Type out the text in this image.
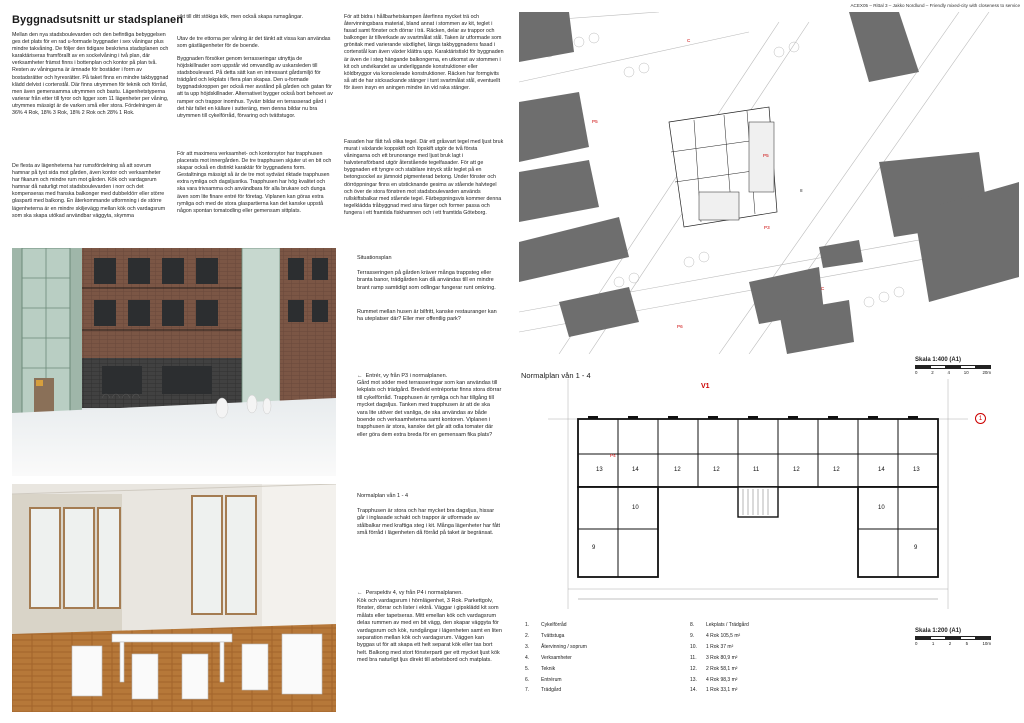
ACEX05 – Rittal 3 – Jakko Nordlund – Friendly mixed-city with closeness to service
Byggnadsutsnitt ur stadsplanen
Mellan den nya stadsboulevarden och den befintliga bebyggelsen ges det plats för en rad u-formade byggnader i sex våningar plus mindre takvåning. De följer den tidigare beskrivna stadsplanen och karaktäriseras framförallt av en sockelvåning i två plan, där verksamheter främst finns i bottenplan och kontor på plan två. Resten av våningarna är ämnade för bostäder i form av bostadsrätter och hyresrätter. På taket finns en mindre takbyggnad klädd delvist i cortenstål. Där finns utrymmen för teknik och förråd, men även gemensamma utrymmen och bastu. Lägenhetstyperna varierar från etter till fyror och ligger som 11 lägenheter per våning, utrymmes mässigt är de varken små eller stora. Fördelningen är 36% 4 Rok, 18% 3 Rok, 18% 2 Rok och 28% 1 Rok.
De flesta av lägenheterna har rumsfördelning så att sovrum hamnar på tyst sida mot gården, även kontor och verksamheter har fikarum och mindre rum mot gården. Kök och vardagsrum hamnar då naturligt mot stadsboulevarden i norr och det kompenseras med franska balkonger med dubbeldörr eller större glasparti med balkong. En återkommande utformning i de större lägenheterna är en mindre skiljevägg mellan kök och vardagsrum som ska skapa utökad användbar väggyta, skymma
sikt till ditt stökiga kök, men också skapa rumsgångar.
Utav de tre ettorna per våning är det tänkt att vissa kan användas som gästlägenheter för de boende.
Byggnaden försöker genom terrasseringar utnyttja de höjdskillnader som uppstår vid omvandlig av uskarsleden till stadsboulevard. På detta sätt kan en intressant gårdsmiljö för trädgård och lekplats i flera plan skapas. Den u-formade byggnadskroppen ger också mer avstånd på gården och gatan för att ta upp höjdskillnader. Alternativet bygger också bort behovet av ramper och trappor inomhus. Tyvärr bildar en terrasserad gård i det här fallet en källare i sutteräng, men denna bildar nu bra utrymmen till cykelförråd, förvaring och tvättstugor.
För att maximera verksamhet- och kontorsytor har trapphusen placerats mot innergården. De tre trapphusen skjuter ut en bit och skapar också en distinkt karaktär för byggnadens form. Gestaltnings mässigt så är de tre mot sydväst riktade trapphusen extra rymliga och dagsljusrika. Trapphusen har hög kvalitet och ska vara trivsamma och användbara för alla brukare och dunga även som lite finare entré för företag. Viplanen kan göras extra rymliga och med de stora glaspartierna kan det kanske uppstå någon spontan tomatodling eller gemensam sittplats.
För att bidra i hållbarhetskampen återfinns mycket trä och återvinningsbara material, bland annat i stommen av kit, teglet i fasad samt fönster och dörrar i trä. Räcken, delar av trappor och balkonger är tillverkade av svartmålat stål. Taken är utformade som grönitak med varierande växtlighet, längs takbyggnadens fasad i cortenstål kan även växter klättra upp. Karaktäristiskt för byggnaden är även de i steg hängande balkongerna, en utkomst av stommen i kit och undvikandet av underliggande konstruktioner eller köldbryggor via konsolerade konstruktioner. Räcken har formgivits så att de har sicksackande stänger i tunt svartmålat stål, eventuellt för även insyn en aningen mindre än vid raka stänger.
Fasaden har fått två olika tegel. Där ett gråsvart tegel med ljust bruk murat i växlande koppskift och löpskift utgör de två första våningarna och ett brunorange med ljust bruk lagt i halvstensförband utgör återstående tegelfasader. För att ge byggnaden ett tyngre och stabilare intryck står teglet på en betongsockel av jämnoid pigmenterad betong. Under fönster och dörröppningar finns en utsticknande gesims av stående halvtegel och över de stora fönstren mot stadsboulevarden används rullskiftsbalkar med stående tegel. Färbeppningsvis kommer denna tegelklädda tråbyggnad med sina färger och former passa och fungera i ett framtida fiskhamnen och i ett framtida Göteborg.
Situationsplan
Terrasseringen på gården kräver många trappsteg eller branta banor, trädgården kan då användas till en mindre brant ramp samtidigt som odlingar fungerar runt omkring.
Rummet mellan husen är bilfritt, kanske restauranger kan ha uteplatser där? Eller mer offentlig park?

← Entrér, vy från P3 i normalplanen.

Gård mot söder med terrasseringar som kan användas till lekplats och trädgård. Bredvid entréportar finns stora dörrar till cykelförråd. Trapphusen är rymliga och har tillgång till mycket dagsljus. Tanken med trapphusen är att de ska vara lite utöver det vanliga, de ska användas av både boende och verksamheterna samt kontoren. Viplanen i trapphusen är stora, kanske det går att odla tomater där eller göra dem extra breda för en gemensam fika plats?
Normalplan vån 1 - 4
Trapphusen är stora och har mycket bra dagsljus, hissar går i inglasade schakt och trappor är utformade av stålbalkar med kraftiga steg i kit. Många lägenheter har fått små förråd i lägenheten då förråd på taket är begränsat.

← Perspektiv 4, vy från P4 i normalplanen.

Kök och vardagsrum i hörnlägenhet, 3 Rok. Parkettgolv, fönster, dörrar och lister i ektrå. Väggar i gipsklädd kit som målats eller tapetseras. Mitt emellan kök och vardagsrum delas rummen av med en bit vägg, den skapar väggyta för vardagsrum och kök, rundgångar i lägenheten samt en liten separation mellan kök och vardagsrum. Väggen kan byggas ut för att skapa ett helt separat kök eller tas bort helt. Balkong med stort fönsterparti ger ett mycket ljust kök med bra naturligt ljus direkt till arbetsbord och matplats.
8
P5
P5
C
C
P3
P6
Skala 1:400 (A1)
0	2	4	10	20m
Normalplan vån 1 - 4
13	14	12	12	11	12	12	14	13
10	10
9	9
V1
P4
1
1.	Cykelförråd
2.	Tvättstuga
3.	Återvinning / soprum
4.	Verksamheter
5.	Teknik
6.	Entrérum
7.	Trädgård
8.	Lekplats / Trädgård
9.	4 Rok 105,5 m²
10.	1 Rok 37 m²
11.	3 Rok 80,9 m²
12.	2 Rok 58,1 m²
13.	4 Rok 98,3 m²
14.	1 Rok 33,1 m²
Skala 1:200 (A1)
0	1	2	5	10m
